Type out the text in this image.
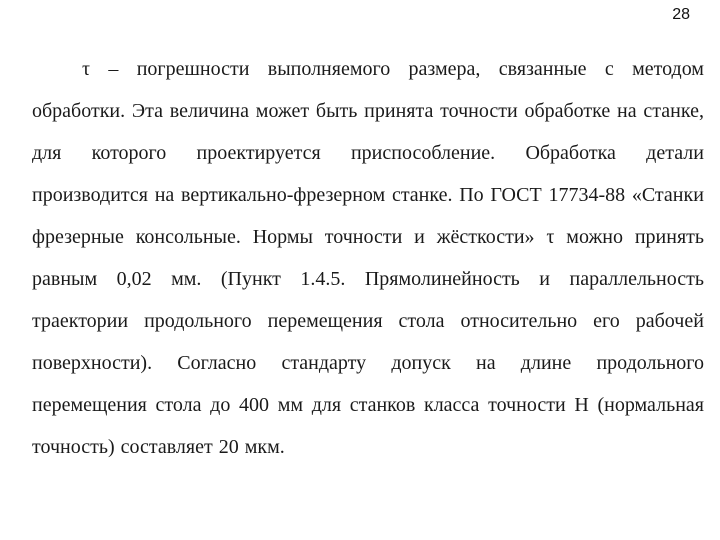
28
τ – погрешности выполняемого размера, связанные с методом
обработки. Эта величина может быть принята точности обработке на станке,
для которого проектируется приспособление. Обработка детали
производится на вертикально-фрезерном станке. По ГОСТ 17734-88 «Станки
фрезерные консольные. Нормы точности и жёсткости» τ можно принять
равным 0,02 мм. (Пункт 1.4.5. Прямолинейность и параллельность
траектории продольного перемещения стола относительно его рабочей
поверхности). Согласно стандарту допуск на длине продольного
перемещения стола до 400 мм для станков класса точности Н (нормальная
точность) составляет 20 мкм.
